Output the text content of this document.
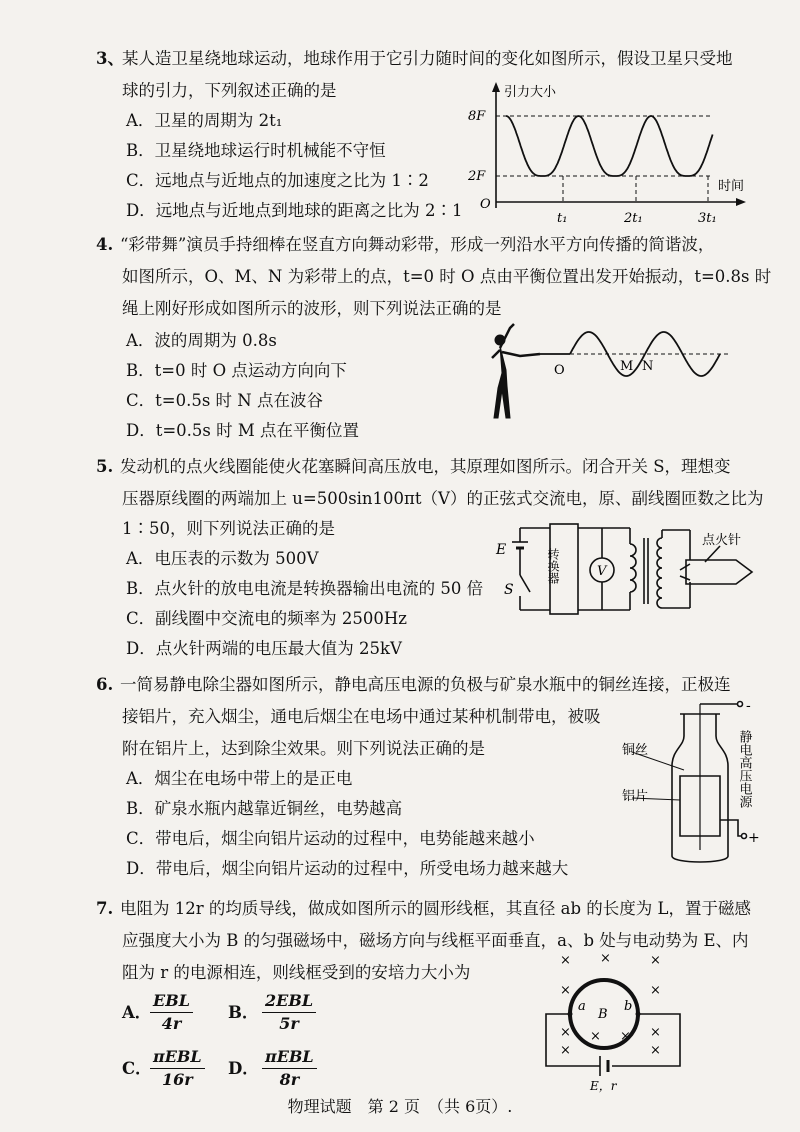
3、
某人造卫星绕地球运动，地球作用于它引力随时间的变化如图所示，假设卫星只受地
球的引力，下列叙述正确的是
A．卫星的周期为 2t₁
B．卫星绕地球运行时机械能不守恒
C．远地点与近地点的加速度之比为 1∶2
D．远地点与近地点到地球的距离之比为 2∶1
引力大小
时间
8F
2F
O
t₁	2t₁	3t₁
4. “彩带舞”演员手持细棒在竖直方向舞动彩带，形成一列沿水平方向传播的简谐波，
如图所示，O、M、N 为彩带上的点，t=0 时 O 点由平衡位置出发开始振动，t=0.8s 时
绳上刚好形成如图所示的波形，则下列说法正确的是
A．波的周期为 0.8s
B．t=0 时 O 点运动方向向下
C．t=0.5s 时 N 点在波谷
D．t=0.5s 时 M 点在平衡位置
O	M N
5. 发动机的点火线圈能使火花塞瞬间高压放电，其原理如图所示。闭合开关 S，理想变
压器原线圈的两端加上 u=500sin100πt（V）的正弦式交流电，原、副线圈匝数之比为
1∶50，则下列说法正确的是
A．电压表的示数为 500V
B．点火针的放电电流是转换器输出电流的 50 倍
C．副线圈中交流电的频率为 2500Hz
D．点火针两端的电压最大值为 25kV
E
S
转换器	V
点火针
6. 一简易静电除尘器如图所示，静电高压电源的负极与矿泉水瓶中的铜丝连接，正极连
接铝片，充入烟尘，通电后烟尘在电场中通过某种机制带电，被吸
附在铝片上，达到除尘效果。则下列说法正确的是
A．烟尘在电场中带上的是正电
B．矿泉水瓶内越靠近铜丝，电势越高
C．带电后，烟尘向铝片运动的过程中，电势能越来越小
D．带电后，烟尘向铝片运动的过程中，所受电场力越来越大
-
+
铜丝
铝片	静电高压电源
7. 电阻为 12r 的均质导线，做成如图所示的圆形线框，其直径 ab 的长度为 L，置于磁感
应强度大小为 B 的匀强磁场中，磁场方向与线框平面垂直，a、b 处与电动势为 E、内
阻为 r 的电源相连，则线框受到的安培力大小为
A．
EBL
4r
B．
2EBL
5r
C．
πEBL
16r
D．
πEBL
8r
× ×	×
×	×
× × × ×
×	×
a	b
B
E，r
物理试题　第 2 页　（共 6页）.
